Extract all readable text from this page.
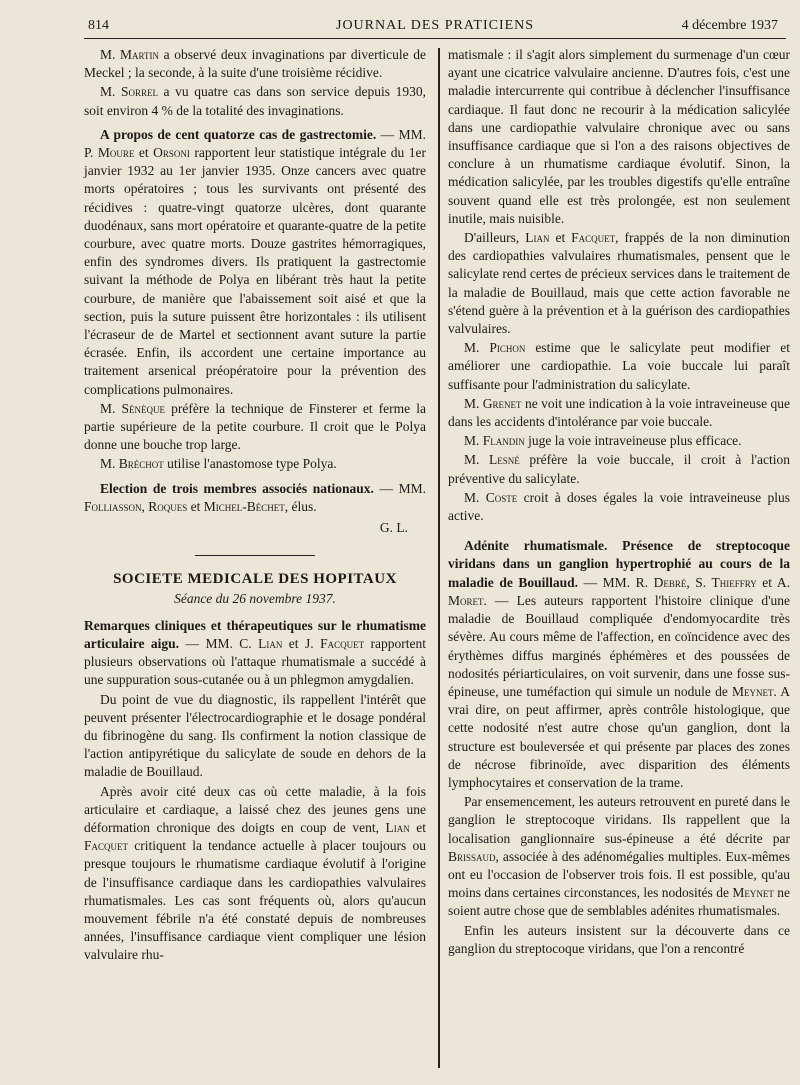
814	JOURNAL DES PRATICIENS	4 décembre 1937

M. Martin a observé deux invaginations par diverticule de Meckel ; la seconde, à la suite d'une troisième récidive.

M. Sorrel a vu quatre cas dans son service depuis 1930, soit environ 4 % de la totalité des invaginations.

A propos de cent quatorze cas de gastrectomie. — MM. P. Moure et Orsoni rapportent leur statistique intégrale du 1er janvier 1932 au 1er janvier 1935. Onze cancers avec quatre morts opératoires ; tous les survivants ont présenté des récidives : quatre-vingt quatorze ulcères, dont quarante duodénaux, sans mort opératoire et quarante-quatre de la petite courbure, avec quatre morts. Douze gastrites hémorragiques, enfin des syndromes divers. Ils pratiquent la gastrectomie suivant la méthode de Polya en libérant très haut la petite courbure, de manière que l'abaissement soit aisé et que la section, puis la suture puissent être horizontales : ils utilisent l'écraseur de de Martel et sectionnent avant suture la partie écrasée. Enfin, ils accordent une certaine importance au traitement arsenical préopératoire pour la prévention des complications pulmonaires.

M. Sénèque préfère la technique de Finsterer et ferme la partie supérieure de la petite courbure. Il croit que le Polya donne une bouche trop large.

M. Bréchot utilise l'anastomose type Polya.

Election de trois membres associés nationaux. — MM. Folliasson, Roques et Michel-Béchet, élus.

G. L.

SOCIETE MEDICALE DES HOPITAUX

Séance du 26 novembre 1937.

Remarques cliniques et thérapeutiques sur le rhumatisme articulaire aigu. — MM. C. Lian et J. Facquet rapportent plusieurs observations où l'attaque rhumatismale a succédé à une suppuration sous-cutanée ou à un phlegmon amygdalien.

Du point de vue du diagnostic, ils rappellent l'intérêt que peuvent présenter l'électrocardiographie et le dosage pondéral du fibrinogène du sang. Ils confirment la notion classique de l'action antipyrétique du salicylate de soude en dehors de la maladie de Bouillaud.

Après avoir cité deux cas où cette maladie, à la fois articulaire et cardiaque, a laissé chez des jeunes gens une déformation chronique des doigts en coup de vent, Lian et Facquet critiquent la tendance actuelle à placer toujours ou presque toujours le rhumatisme cardiaque évolutif à l'origine de l'insuffisance cardiaque dans les cardiopathies valvulaires rhumatismales. Les cas sont fréquents où, alors qu'aucun mouvement fébrile n'a été constaté depuis de nombreuses années, l'insuffisance cardiaque vient compliquer une lésion valvulaire rhu-

matismale : il s'agit alors simplement du surmenage d'un cœur ayant une cicatrice valvulaire ancienne. D'autres fois, c'est une maladie intercurrente qui contribue à déclencher l'insuffisance cardiaque. Il faut donc ne recourir à la médication salicylée dans une cardiopathie valvulaire chronique avec ou sans insuffisance cardiaque que si l'on a des raisons objectives de conclure à un rhumatisme cardiaque évolutif. Sinon, la médication salicylée, par les troubles digestifs qu'elle entraîne souvent quand elle est très prolongée, est non seulement inutile, mais nuisible.

D'ailleurs, Lian et Facquet, frappés de la non diminution des cardiopathies valvulaires rhumatismales, pensent que le salicylate rend certes de précieux services dans le traitement de la maladie de Bouillaud, mais que cette action favorable ne s'étend guère à la prévention et à la guérison des cardiopathies valvulaires.

M. Pichon estime que le salicylate peut modifier et améliorer une cardiopathie. La voie buccale lui paraît suffisante pour l'administration du salicylate.

M. Grenet ne voit une indication à la voie intraveineuse que dans les accidents d'intolérance par voie buccale.

M. Flandin juge la voie intraveineuse plus efficace.

M. Lesné préfère la voie buccale, il croit à l'action préventive du salicylate.

M. Coste croit à doses égales la voie intraveineuse plus active.

Adénite rhumatismale. Présence de streptocoque viridans dans un ganglion hypertrophié au cours de la maladie de Bouillaud. — MM. R. Debré, S. Thieffry et A. Moret. — Les auteurs rapportent l'histoire clinique d'une maladie de Bouillaud compliquée d'endomyocardite très sévère. Au cours même de l'affection, en coïncidence avec des érythèmes diffus marginés éphémères et des poussées de nodosités périarticulaires, on voit survenir, dans une fosse sus-épineuse, une tuméfaction qui simule un nodule de Meynet. A vrai dire, on peut affirmer, après contrôle histologique, que cette nodosité n'est autre chose qu'un ganglion, dont la structure est bouleversée et qui présente par places des zones de nécrose fibrinoïde, avec disparition des éléments lymphocytaires et conservation de la trame.

Par ensemencement, les auteurs retrouvent en pureté dans le ganglion le streptocoque viridans. Ils rappellent que la localisation ganglionnaire sus-épineuse a été décrite par Brissaud, associée à des adénomégalies multiples. Eux-mêmes ont eu l'occasion de l'observer trois fois. Il est possible, qu'au moins dans certaines circonstances, les nodosités de Meynet ne soient autre chose que de semblables adénites rhumatismales.

Enfin les auteurs insistent sur la découverte dans ce ganglion du streptocoque viridans, que l'on a rencontré
